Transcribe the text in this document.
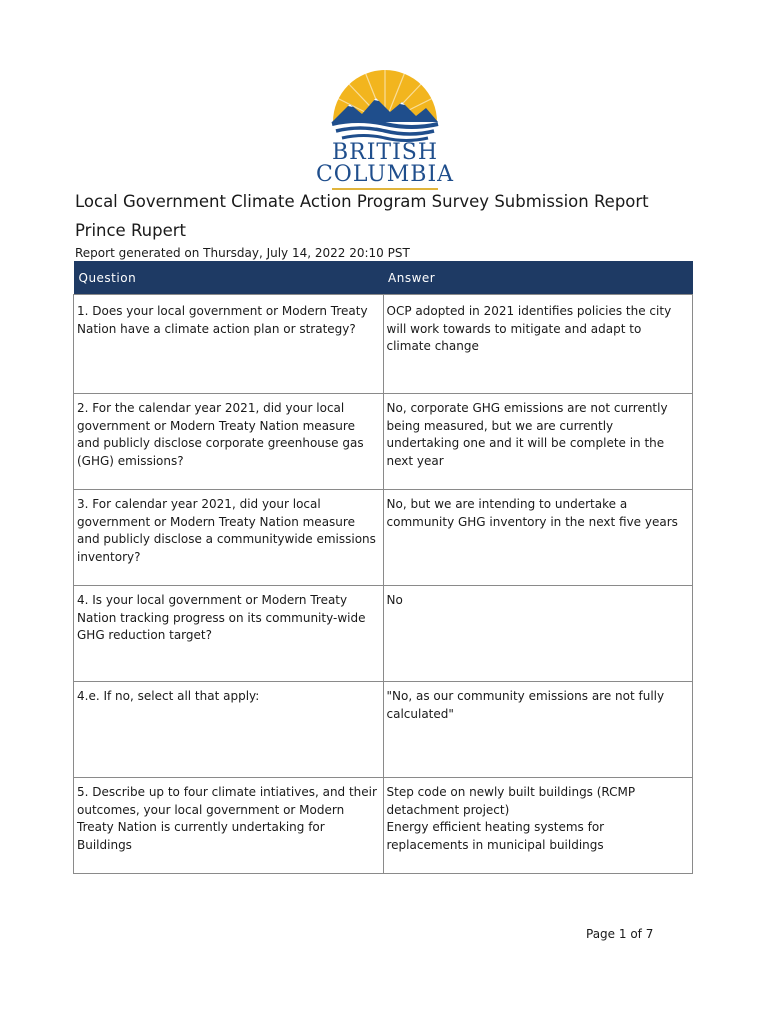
BRITISH
COLUMBIA
Local Government Climate Action Program Survey Submission Report
Prince Rupert
Report generated on Thursday, July 14, 2022 20:10 PST
Question	Answer
1. Does your local government or Modern Treaty Nation have a climate action plan or strategy?	OCP adopted in 2021 identifies policies the city will work towards to mitigate and adapt to climate change

2. For the calendar year 2021, did your local government or Modern Treaty Nation measure and publicly disclose corporate greenhouse gas (GHG) emissions?	No, corporate GHG emissions are not currently being measured, but we are currently undertaking one and it will be complete in the next year

3. For calendar year 2021, did your local government or Modern Treaty Nation measure and publicly disclose a communitywide emissions inventory?	No, but we are intending to undertake a community GHG inventory in the next five years

4. Is your local government or Modern Treaty Nation tracking progress on its community-wide GHG reduction target?	No

4.e. If no, select all that apply:	"No, as our community emissions are not fully calculated"

5. Describe up to four climate intiatives, and their outcomes, your local government or Modern Treaty Nation is currently undertaking for Buildings	Step code on newly built buildings (RCMP detachment project)
Energy efficient heating systems for replacements in municipal buildings
Page 1 of 7
